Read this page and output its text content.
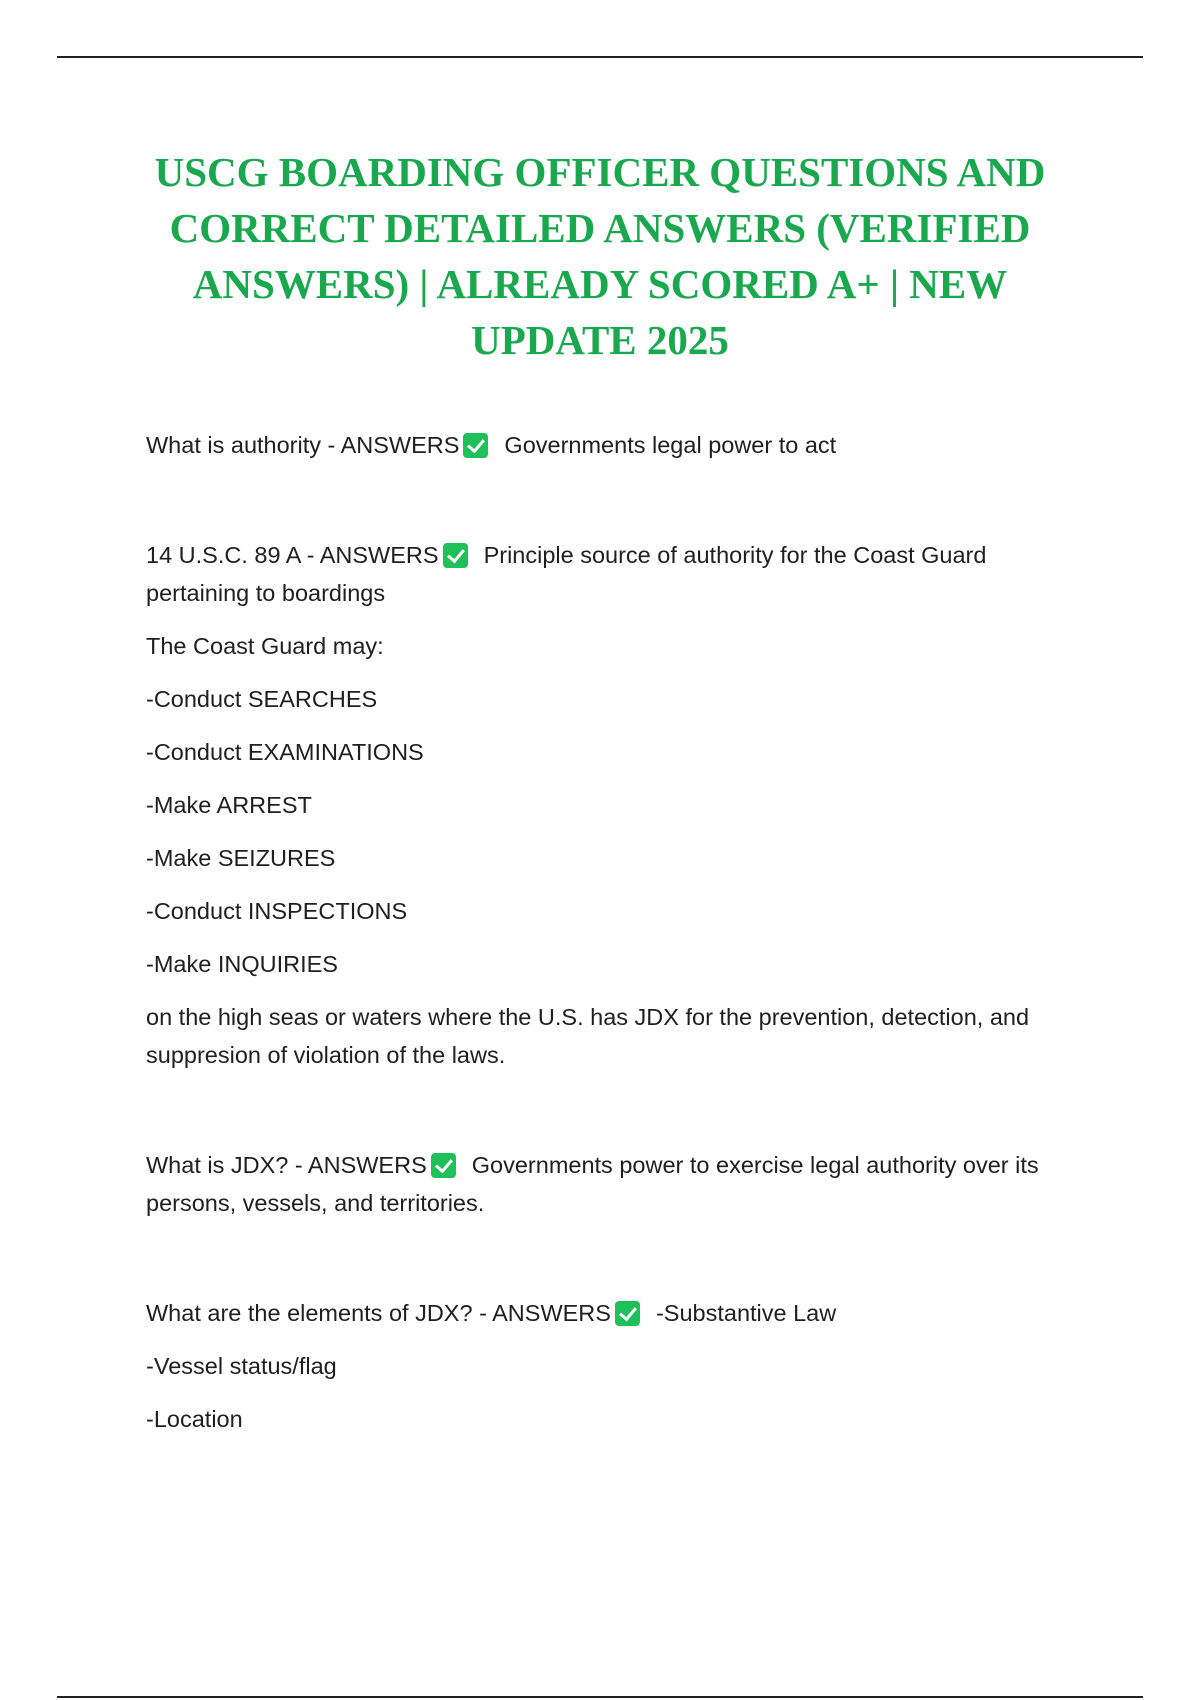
USCG BOARDING OFFICER QUESTIONS AND CORRECT DETAILED ANSWERS (VERIFIED ANSWERS) | ALREADY SCORED A+ | NEW UPDATE 2025

What is authority - ANSWERS Governments legal power to act

14 U.S.C. 89 A - ANSWERS Principle source of authority for the Coast Guard pertaining to boardings

The Coast Guard may:

-Conduct SEARCHES

-Conduct EXAMINATIONS

-Make ARREST

-Make SEIZURES

-Conduct INSPECTIONS

-Make INQUIRIES

on the high seas or waters where the U.S. has JDX for the prevention, detection, and suppresion of violation of the laws.

What is JDX? - ANSWERS Governments power to exercise legal authority over its persons, vessels, and territories.

What are the elements of JDX? - ANSWERS -Substantive Law

-Vessel status/flag

-Location
